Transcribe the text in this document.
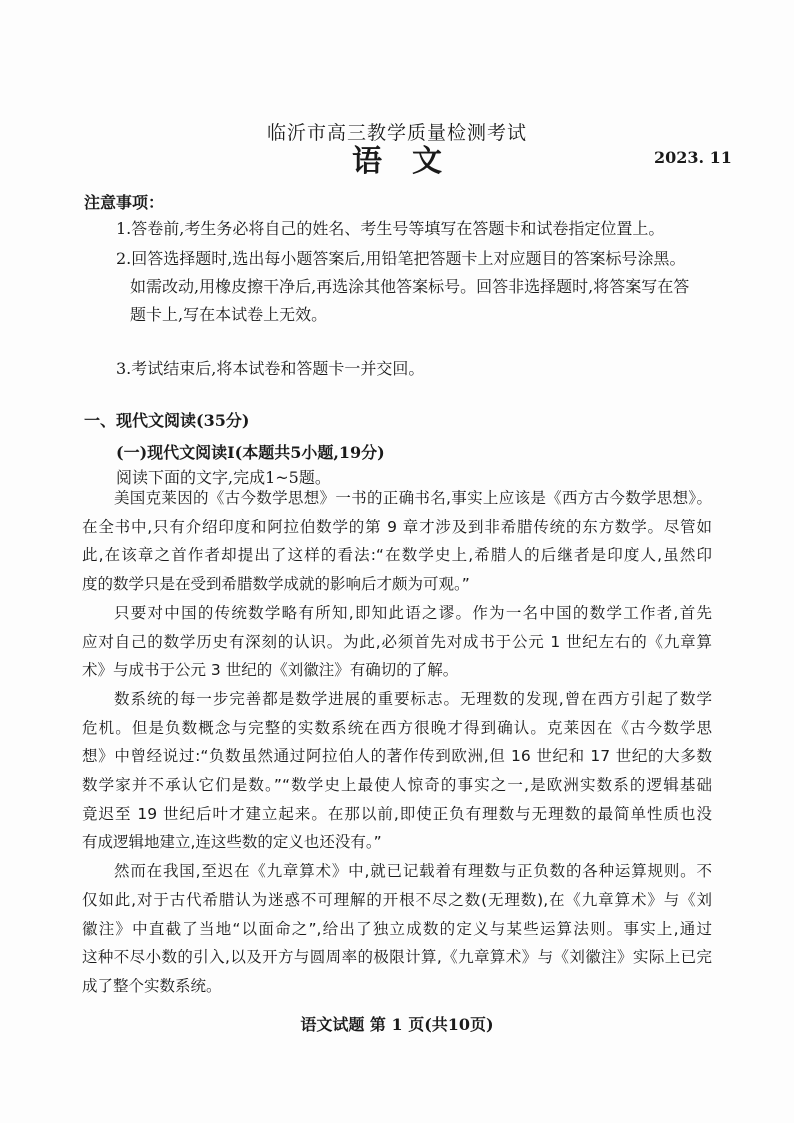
临沂市高三教学质量检测考试
语文	2023. 11
注意事项：
1.答卷前,考生务必将自己的姓名、考生号等填写在答题卡和试卷指定位置上。
2.回答选择题时,选出每小题答案后,用铅笔把答题卡上对应题目的答案标号涂黑。
如需改动,用橡皮擦干净后,再选涂其他答案标号。回答非选择题时,将答案写在答
题卡上,写在本试卷上无效。
3.考试结束后,将本试卷和答题卡一并交回。
一、现代文阅读(35分)
(一)现代文阅读Ⅰ(本题共5小题,19分)
阅读下面的文字,完成1~5题。
美国克莱因的《古今数学思想》一书的正确书名,事实上应该是《西方古今数学思想》。
在全书中,只有介绍印度和阿拉伯数学的第 9 章才涉及到非希腊传统的东方数学。尽管如
此,在该章之首作者却提出了这样的看法:“在数学史上,希腊人的后继者是印度人,虽然印
度的数学只是在受到希腊数学成就的影响后才颇为可观。”
只要对中国的传统数学略有所知,即知此语之谬。作为一名中国的数学工作者,首先
应对自己的数学历史有深刻的认识。为此,必须首先对成书于公元 1 世纪左右的《九章算
术》与成书于公元 3 世纪的《刘徽注》有确切的了解。
数系统的每一步完善都是数学进展的重要标志。无理数的发现,曾在西方引起了数学
危机。但是负数概念与完整的实数系统在西方很晚才得到确认。克莱因在《古今数学思
想》中曾经说过:“负数虽然通过阿拉伯人的著作传到欧洲,但 16 世纪和 17 世纪的大多数
数学家并不承认它们是数。”“数学史上最使人惊奇的事实之一,是欧洲实数系的逻辑基础
竟迟至 19 世纪后叶才建立起来。在那以前,即使正负有理数与无理数的最简单性质也没
有成逻辑地建立,连这些数的定义也还没有。”
然而在我国,至迟在《九章算术》中,就已记载着有理数与正负数的各种运算规则。不
仅如此,对于古代希腊认为迷惑不可理解的开根不尽之数(无理数),在《九章算术》与《刘
徽注》中直截了当地“以面命之”,给出了独立成数的定义与某些运算法则。事实上,通过
这种不尽小数的引入,以及开方与圆周率的极限计算,《九章算术》与《刘徽注》实际上已完
成了整个实数系统。
语文试题 第 1 页(共10页)
